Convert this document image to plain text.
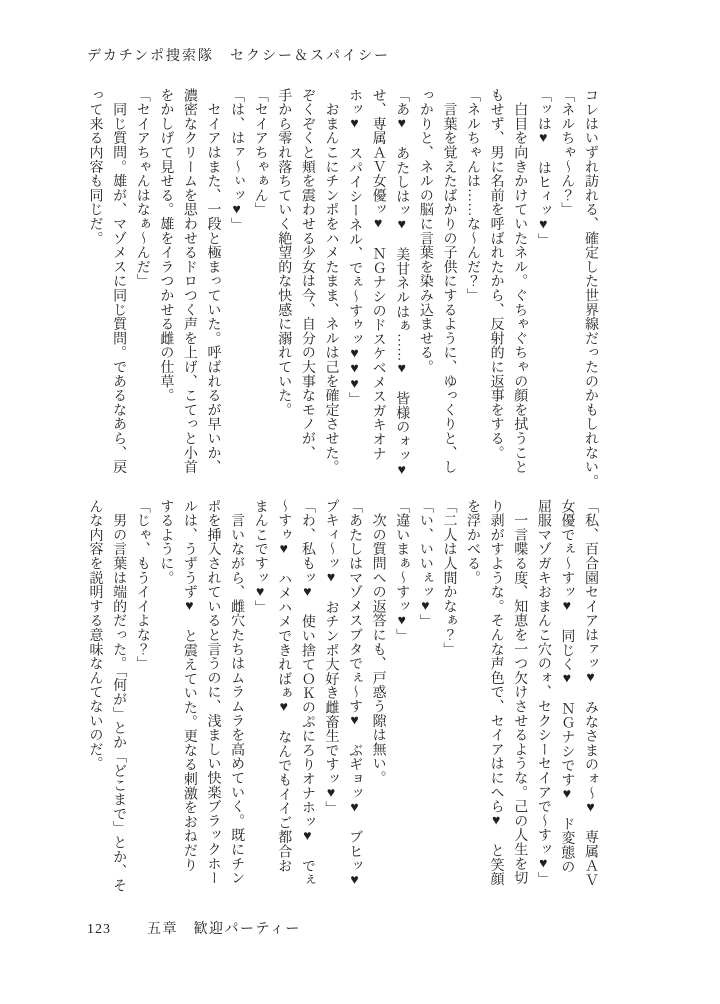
デカチンポ捜索隊　セクシー＆スパイシー

コレはいずれ訪れる、確定した世界線だったのかもしれない。

「ネルちゃ～ん？」

「ッは♥　はヒィッ♥」

　白目を向きかけていたネル。ぐちゃぐちゃの顔を拭うこと

もせず、男に名前を呼ばれたから、反射的に返事をする。

「ネルちゃんは……な～んだ？」

　言葉を覚えたばかりの子供にするように、ゆっくりと、し

っかりと、ネルの脳に言葉を染み込ませる。

「あ♥　あたしはッ♥　美甘ネルはぁ……♥　皆様のォッ♥

せ、専属ＡＶ女優ッ♥　ＮＧナシのドスケベメスガキオナ

ホッ♥　スパイシーネル、でぇ～すゥッ♥♥♥」

　おまんこにチンポをハメたまま、ネルは己を確定させた。

ぞくぞくと頬を震わせる少女は今、自分の大事なモノが、

手から零れ落ちていく絶望的な快感に溺れていた。

「セイアちゃぁん」

「は、はァ～ぃッ♥」

　セイアはまた、一段と極まっていた。呼ばれるが早いか、

濃密なクリームを思わせるドロつく声を上げ、こてっと小首

をかしげて見せる。雄をイラつかせる雌の仕草。

「セイアちゃんはなぁ～んだ」

　同じ質問。雄が、マゾメスに同じ質問。であるなあら、戻

って来る内容も同じだ。

「私、百合園セイアはァッ♥　みなさまのォ～♥　専属ＡＶ

女優でぇ～すッ♥　同じく♥　ＮＧナシです♥　ド変態の

屈服マゾガキおまんこ穴のォ、セクシーセイアで～すッ♥」

　一言喋る度、知恵を一つ欠けさせるような。己の人生を切

り剥がすような。そんな声色で、セイアはにへら♥　と笑顔

を浮かべる。

「二人は人間かなぁ？」

「い、いいぇッ♥」

「違いまぁ～すッ♥」

　次の質問への返答にも、戸惑う隙は無い。

「あたしはマゾメスブタでぇ～す♥　ぶギョッ♥　ブヒッ♥

プキィ～ッ♥　おチンポ大好き雌畜生ですッ♥」

「わ、私もッ♥　使い捨てＯＫのぷにろりオナホッ♥　でぇ

～すゥ♥　ハメハメできればぁ♥　なんでもイイご都合お

まんこですッ♥」

　言いながら、雌穴たちはムラムラを高めていく。既にチン

ポを挿入されていると言うのに、浅ましい快楽ブラックホー

ルは、うずうず♥　と震えていた。更なる刺激をおねだり

するように。

「じゃ、もうイイよな？」

　男の言葉は端的だった。「何が」とか「どこまで」とか、そ

んな内容を説明する意味なんてないのだ。

123	五章　歓迎パーティー
